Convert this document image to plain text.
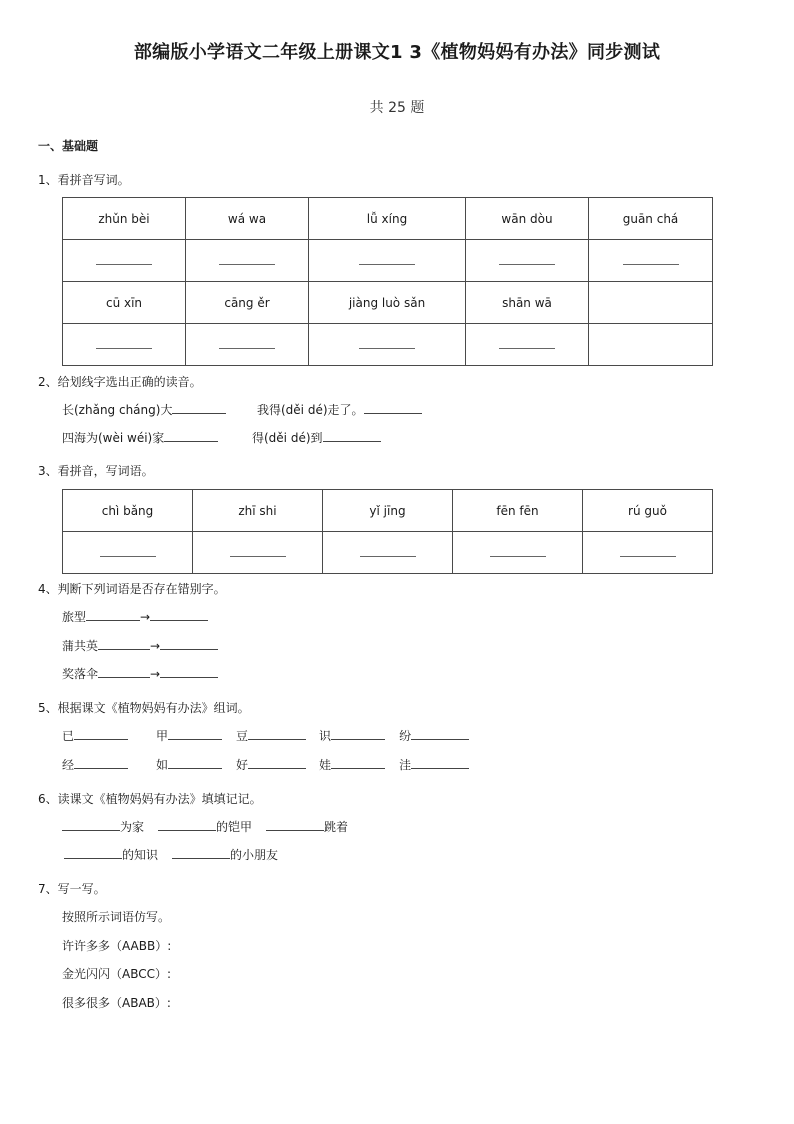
部编版小学语文二年级上册课文1 3《植物妈妈有办法》同步测试
共 25 题
一、基础题
1、看拼音写词。
zhǔn bèi	wá wa	lǚ xíng	wān dòu	guān chá

cū xīn	cāng ěr	jiàng luò sǎn	shān wā	

2、给划线字选出正确的读音。
长(zhǎng cháng)大	我得(děi dé)走了。
四海为(wèi wéi)家	得(děi dé)到
3、看拼音，写词语。
chì bǎng	zhī shi	yǐ jīng	fēn fēn	rú guǒ

4、判断下列词语是否存在错别字。
旅型	→
蒲共英	→
奖落伞	→
5、根据课文《植物妈妈有办法》组词。
已	甲	豆	识	纷
经	如	好	娃	洼
6、读课文《植物妈妈有办法》填填记记。
为家	的铠甲	跳着
的知识	的小朋友
7、写一写。
按照所示词语仿写。
许许多多（AABB）:
金光闪闪（ABCC）:
很多很多（ABAB）:
